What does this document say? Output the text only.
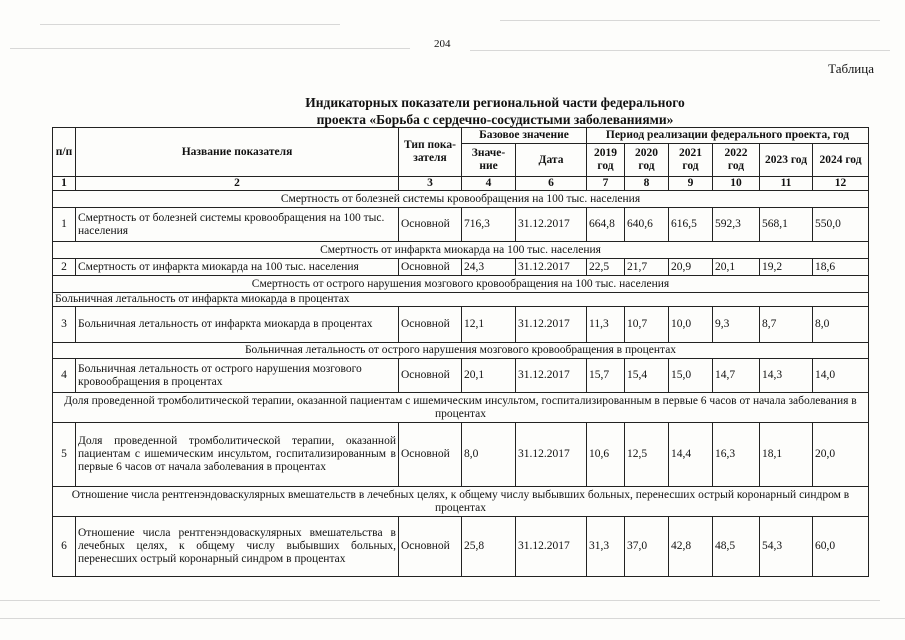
204
Таблица
Индикаторных показатели региональной части федерального
проекта «Борьба с сердечно-сосудистыми заболеваниями»
п/п	Название показателя	Тип пока-зателя	Базовое значение		Период реализации федерального проекта, год					
			Значе-ние	Дата	2019 год	2020 год	2021 год	2022 год	2023 год	2024 год
1	2	3	4	6	7	8	9	10	11	12
Смертность от болезней системы кровообращения на 100 тыс. населения										
1	Смертность от болезней системы кровообращения на 100 тыс. населения	Основной	716,3	31.12.2017	664,8	640,6	616,5	592,3	568,1	550,0
Смертность от инфаркта миокарда на 100 тыс. населения										
2	Смертность от инфаркта миокарда на 100 тыс. населения	Основной	24,3	31.12.2017	22,5	21,7	20,9	20,1	19,2	18,6
Смертность от острого нарушения мозгового кровообращения на 100 тыс. населения										
Больничная летальность от инфаркта миокарда в процентах										
3	Больничная летальность от инфаркта миокарда в процентах	Основной	12,1	31.12.2017	11,3	10,7	10,0	9,3	8,7	8,0
Больничная летальность от острого нарушения мозгового кровообращения в процентах										
4	Больничная летальность от острого нарушения мозгового кровообращения в процентах	Основной	20,1	31.12.2017	15,7	15,4	15,0	14,7	14,3	14,0
Доля проведенной тромболитической терапии, оказанной пациентам с ишемическим инсультом, госпитализированным в первые 6 часов от начала заболевания в процентах										
5	Доля проведенной тромболитической терапии, оказанной пациентам с ишемическим инсультом, госпитализированным в первые 6 часов от начала заболевания в процентах	Основной	8,0	31.12.2017	10,6	12,5	14,4	16,3	18,1	20,0
Отношение числа рентгенэндоваскулярных вмешательств в лечебных целях, к общему числу выбывших больных, перенесших острый коронарный синдром в процентах										
6	Отношение числа рентгенэндоваскулярных вмешательства в лечебных целях, к общему числу выбывших больных, перенесших острый коронарный синдром в процентах	Основной	25,8	31.12.2017	31,3	37,0	42,8	48,5	54,3	60,0
